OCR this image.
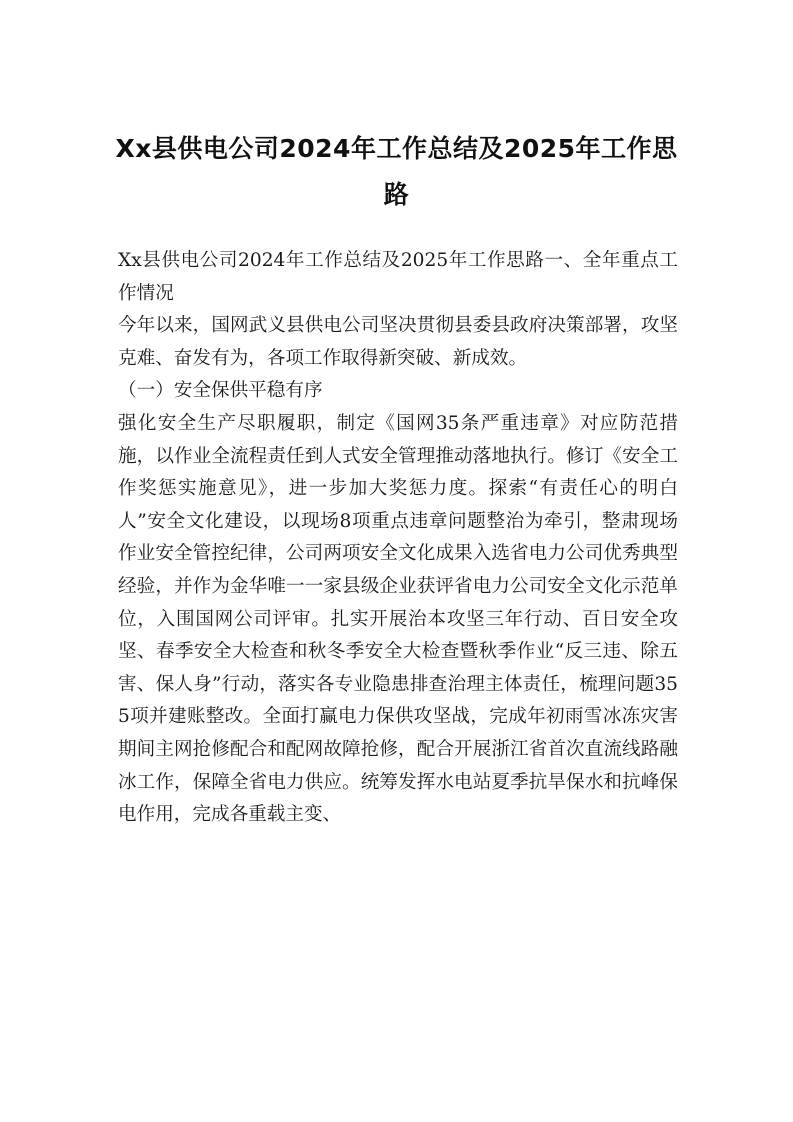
Xx县供电公司2024年工作总结及2025年工作思路

Xx县供电公司2024年工作总结及2025年工作思路一、全年重点工作情况

今年以来，国网武义县供电公司坚决贯彻县委县政府决策部署，攻坚克难、奋发有为，各项工作取得新突破、新成效。

（一）安全保供平稳有序

强化安全生产尽职履职，制定《国网35条严重违章》对应防范措施，以作业全流程责任到人式安全管理推动落地执行。修订《安全工作奖惩实施意见》，进一步加大奖惩力度。探索“有责任心的明白人”安全文化建设，以现场8项重点违章问题整治为牵引，整肃现场作业安全管控纪律，公司两项安全文化成果入选省电力公司优秀典型经验，并作为金华唯一一家县级企业获评省电力公司安全文化示范单位，入围国网公司评审。扎实开展治本攻坚三年行动、百日安全攻坚、春季安全大检查和秋冬季安全大检查暨秋季作业“反三违、除五害、保人身”行动，落实各专业隐患排查治理主体责任，梳理问题355项并建账整改。全面打赢电力保供攻坚战，完成年初雨雪冰冻灾害期间主网抢修配合和配网故障抢修，配合开展浙江省首次直流线路融冰工作，保障全省电力供应。统筹发挥水电站夏季抗旱保水和抗峰保电作用，完成各重载主变、
